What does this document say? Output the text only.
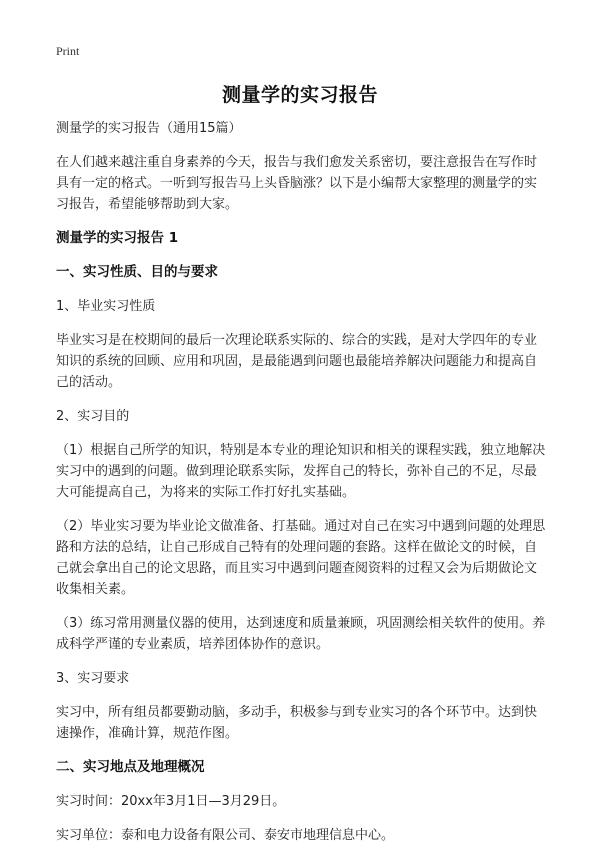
Print
测量学的实习报告

测量学的实习报告（通用15篇）

在人们越来越注重自身素养的今天，报告与我们愈发关系密切，要注意报告在写作时具有一定的格式。一听到写报告马上头昏脑涨？以下是小编帮大家整理的测量学的实习报告，希望能够帮助到大家。

测量学的实习报告 1

一、实习性质、目的与要求

1、毕业实习性质

毕业实习是在校期间的最后一次理论联系实际的、综合的实践，是对大学四年的专业知识的系统的回顾、应用和巩固，是最能遇到问题也最能培养解决问题能力和提高自己的活动。

2、实习目的

（1）根据自己所学的知识，特别是本专业的理论知识和相关的课程实践，独立地解决实习中的遇到的问题。做到理论联系实际，发挥自己的特长，弥补自己的不足，尽最大可能提高自己，为将来的实际工作打好扎实基础。

（2）毕业实习要为毕业论文做准备、打基础。通过对自己在实习中遇到问题的处理思路和方法的总结，让自己形成自己特有的处理问题的套路。这样在做论文的时候，自己就会拿出自己的论文思路，而且实习中遇到问题查阅资料的过程又会为后期做论文收集相关素。

（3）练习常用测量仪器的使用，达到速度和质量兼顾，巩固测绘相关软件的使用。养成科学严谨的专业素质，培养团体协作的意识。

3、实习要求

实习中，所有组员都要勤动脑，多动手，积极参与到专业实习的各个环节中。达到快速操作，准确计算，规范作图。

二、实习地点及地理概况

实习时间：20xx年3月1日—3月29日。

实习单位：泰和电力设备有限公司、泰安市地理信息中心。
